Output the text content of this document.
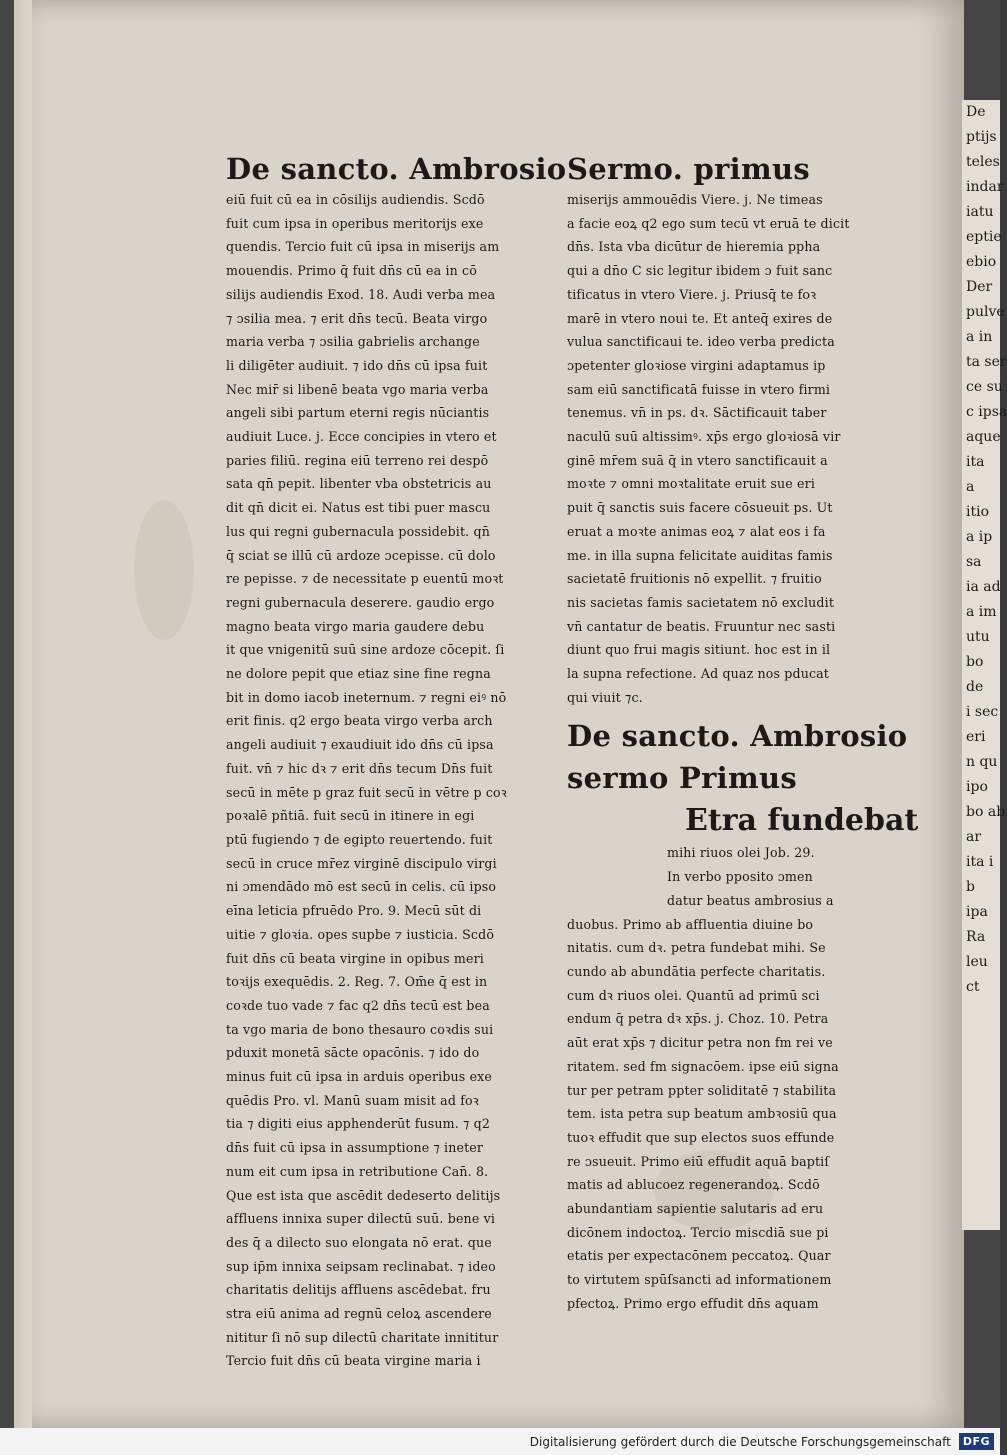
De
ptijs
teles
indar
iatu
eptie
ebio
Der
pulve
a in
ta ser
ce su
c ipsa
aque
ita
a
itio
a ip
sa
ia ad
a im
utu
bo
de
i sec
eri
n qu
ipo
bo ab
ar
ita i
b
ipa
Ra
leu
ct
De sancto. Ambrosio
eiū fuit cū ea in cōsilijs audiendis. Scdō
fuit cum ipsa in operibus meritorijs exe
quendis. Tercio fuit cū ipsa in miserijs am
mouendis. Primo q̄ fuit dn̄s cū ea in cō
silijs audiendis Exod. 18. Audi verba mea
⁊ ɔsilia mea. ⁊ erit dn̄s tecū. Beata virgo
maria verba ⁊ ɔsilia gabrielis archange
li diligēter audiuit. ⁊ ido dn̄s cū ipsa fuit
Nec mir̄ si libenē beata vgo maria verba
angeli sibi partum eterni regis nūciantis
audiuit Luce. j. Ecce concipies in vtero et
paries filiū. regina eiū terreno rei despō
sata qn̄ pepit. libenter vba obstetricis au
dit qn̄ dicit ei. Natus est tibi puer mascu
lus qui regni gubernacula possidebit. qn̄
q̄ sciat se illū cū ardoze ɔcepisse. cū dolo
re pepisse. ⁊ de necessitate p euentū moꝛt
regni gubernacula deserere. gaudio ergo
magno beata virgo maria gaudere debu
it que vnigenitū suū sine ardoze cōcepit. ſi
ne dolore pepit que etiaz sine fine regna
bit in domo iacob ineternum. ⁊ regni eiꝰ nō
erit finis. q2 ergo beata virgo verba arch
angeli audiuit ⁊ exaudiuit ido dn̄s cū ipsa
fuit. vn̄ ⁊ hic dꝛ ⁊ erit dn̄s tecum Dn̄s fuit
secū in mēte p graz fuit secū in vētre p coꝛ
poꝛalē pñtiā. fuit secū in itinere in egi
ptū fugiendo ⁊ de egipto reuertendo. fuit
secū in cruce mr̄ez virginē discipulo virgi
ni ɔmendādo mō est secū in celis. cū ipso
eīna leticia pfruēdo Pro. 9. Mecū sūt di
uitie ⁊ gloꝛia. opes supbe ⁊ iusticia. Scdō
fuit dn̄s cū beata virgine in opibus meri
toꝛijs exequēdis. 2. Reg. 7. Om̄e q̄ est in
coꝛde tuo vade ⁊ fac q2 dn̄s tecū est bea
ta vgo maria de bono thesauro coꝛdis sui
pduxit monetā sācte opacōnis. ⁊ ido do
minus fuit cū ipsa in arduis operibus exe
quēdis Pro. vl. Manū suam misit ad foꝛ
tia ⁊ digiti eius apphenderūt fusum. ⁊ q2
dn̄s fuit cū ipsa in assumptione ⁊ ineter
num eit cum ipsa in retributione Can̄. 8.
Que est ista que ascēdit dedeserto delitijs
affluens innixa super dilectū suū. bene vi
des q̄ a dilecto suo elongata nō erat. que
sup ip̄m innixa seipsam reclinabat. ⁊ ideo
charitatis delitijs affluens ascēdebat. fru
stra eiū anima ad regnū celoꝝ ascendere
nititur ſi nō sup dilectū charitate innititur
Tercio fuit dn̄s cū beata virgine maria i
Sermo. primus
miserijs ammouēdis Viere. j. Ne timeas
a facie eoꝝ q2 ego sum tecū vt eruā te dicit
dn̄s. Ista vba dicūtur de hieremia ppha
qui a dn̄o C sic legitur ibidem ɔ fuit sanc
tificatus in vtero Viere. j. Priusq̄ te foꝛ
marē in vtero noui te. Et anteq̄ exires de
vulua sanctificaui te. ideo verba predicta
ɔpetenter gloꝛiose virgini adaptamus ip
sam eiū sanctificatā fuisse in vtero firmi
tenemus. vn̄ in ps. dꝛ. Sāctificauit taber
naculū suū altissimꝰ. xp̄s ergo gloꝛiosā vir
ginē mr̄em suā q̄ in vtero sanctificauit a
moꝛte ⁊ omni moꝛtalitate eruit sue eri
puit q̄ sanctis suis facere cōsueuit ps. Ut
eruat a moꝛte animas eoꝝ ⁊ alat eos i fa
me. in illa supna felicitate auiditas famis
sacietatē fruitionis nō expellit. ⁊ fruitio
nis sacietas famis sacietatem nō excludit
vn̄ cantatur de beatis. Fruuntur nec sasti
diunt quo frui magis sitiunt. hoc est in il
la supna refectione. Ad quaz nos pducat
qui viuit ⁊c.
De sancto. Ambrosio
sermo Primus
Etra fundebat
mihi riuos olei Job. 29.
In verbo pposito ɔmen
datur beatus ambrosius a
duobus. Primo ab affluentia diuine bo
nitatis. cum dꝛ. petra fundebat mihi. Se
cundo ab abundātia perfecte charitatis.
cum dꝛ riuos olei. Quantū ad primū sci
endum q̄ petra dꝛ xp̄s. j. Choz. 10. Petra
aūt erat xp̄s ⁊ dicitur petra non fm rei ve
ritatem. sed fm signacōem. ipse eiū signa
tur per petram ppter soliditatē ⁊ stabilita
tem. ista petra sup beatum ambꝛosiū qua
tuoꝛ effudit que sup electos suos effunde
re ɔsueuit. Primo eiū effudit aquā baptiſ
matis ad ablucoez regenerandoꝝ. Scdō
abundantiam sapientie salutaris ad eru
dicōnem indoctoꝝ. Tercio miscdiā sue pi
etatis per expectacōnem peccatoꝝ. Quar
to virtutem spūſsancti ad informationem
pfectoꝝ. Primo ergo effudit dn̄s aquam
Digitalisierung gefördert durch die Deutsche Forschungsgemeinschaft	DFG
